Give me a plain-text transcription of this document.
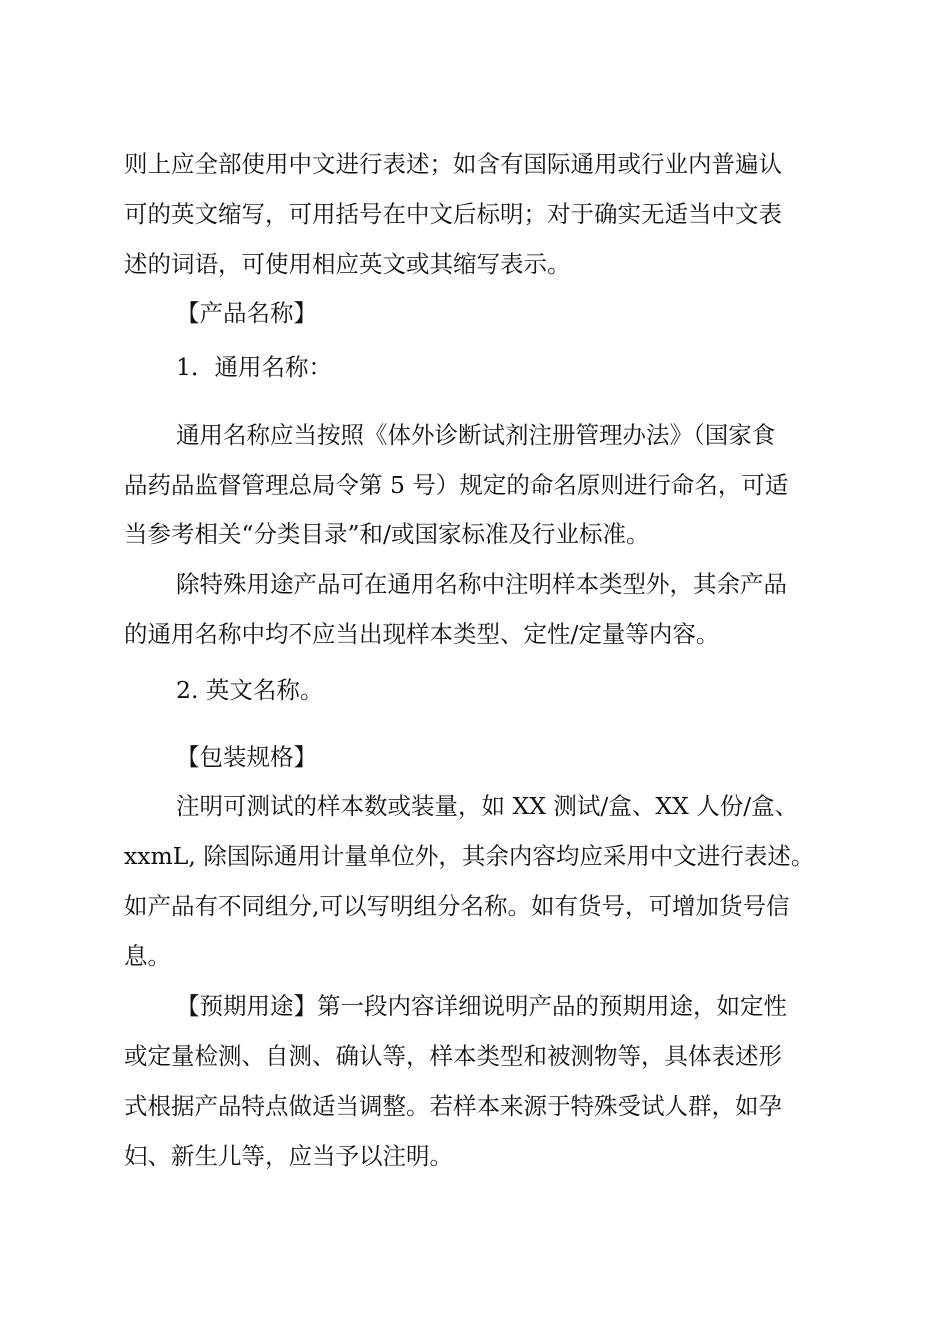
则上应全部使用中文进行表述；如含有国际通用或行业内普遍认

可的英文缩写，可用括号在中文后标明；对于确实无适当中文表

述的词语，可使用相应英文或其缩写表示。

【产品名称】

1．通用名称：

通用名称应当按照《体外诊断试剂注册管理办法》（国家食

品药品监督管理总局令第 5 号）规定的命名原则进行命名，可适

当参考相关“分类目录”和/或国家标准及行业标准。

除特殊用途产品可在通用名称中注明样本类型外，其余产品

的通用名称中均不应当出现样本类型、定性/定量等内容。

2. 英文名称。

【包装规格】

注明可测试的样本数或装量，如 XX 测试/盒、XX 人份/盒、

xxmL, 除国际通用计量单位外，其余内容均应采用中文进行表述。

如产品有不同组分,可以写明组分名称。如有货号，可增加货号信

息。

【预期用途】第一段内容详细说明产品的预期用途，如定性

或定量检测、自测、确认等，样本类型和被测物等，具体表述形

式根据产品特点做适当调整。若样本来源于特殊受试人群，如孕

妇、新生儿等，应当予以注明。
